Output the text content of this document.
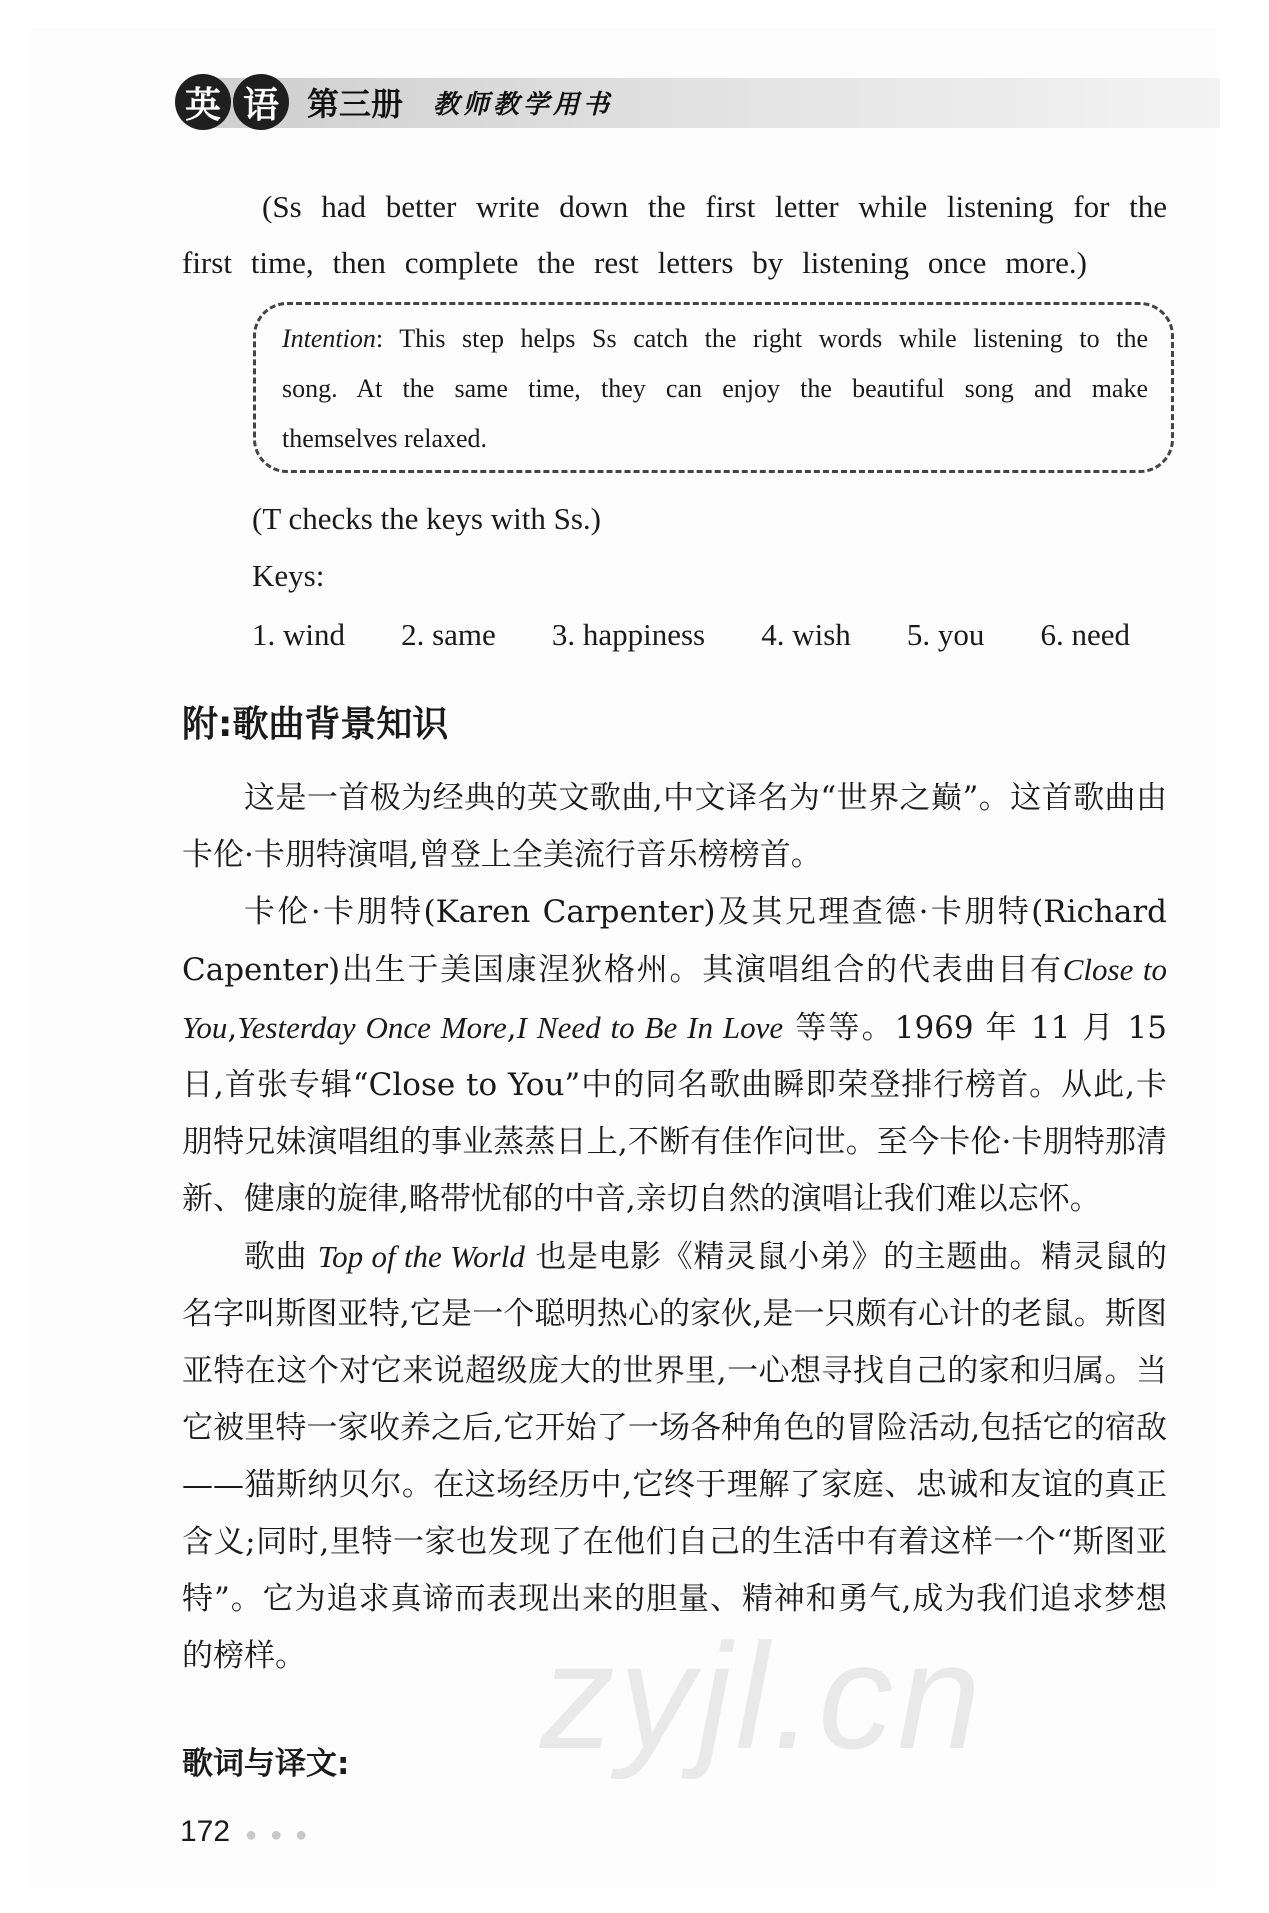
英 语 第三册 教师教学用书
(Ss had better write down the first letter while listening for the
first time, then complete the rest letters by listening once more.)
Intention: This step helps Ss catch the right words while listening to the
song. At the same time, they can enjoy the beautiful song and make
themselves relaxed.
(T checks the keys with Ss.)
Keys:
1. wind 2. same 3. happiness 4. wish 5. you 6. need
附:歌曲背景知识

这是一首极为经典的英文歌曲,中文译名为“世界之巅”。这首歌曲由卡伦·卡朋特演唱,曾登上全美流行音乐榜榜首。

卡伦·卡朋特(Karen Carpenter)及其兄理查德·卡朋特(Richard Capenter)出生于美国康涅狄格州。其演唱组合的代表曲目有Close to You,Yesterday Once More,I Need to Be In Love 等等。1969 年 11 月 15 日,首张专辑“Close to You”中的同名歌曲瞬即荣登排行榜首。从此,卡朋特兄妹演唱组的事业蒸蒸日上,不断有佳作问世。至今卡伦·卡朋特那清新、健康的旋律,略带忧郁的中音,亲切自然的演唱让我们难以忘怀。

歌曲 Top of the World 也是电影《精灵鼠小弟》的主题曲。精灵鼠的名字叫斯图亚特,它是一个聪明热心的家伙,是一只颇有心计的老鼠。斯图亚特在这个对它来说超级庞大的世界里,一心想寻找自己的家和归属。当它被里特一家收养之后,它开始了一场各种角色的冒险活动,包括它的宿敌——猫斯纳贝尔。在这场经历中,它终于理解了家庭、忠诚和友谊的真正含义;同时,里特一家也发现了在他们自己的生活中有着这样一个“斯图亚特”。它为追求真谛而表现出来的胆量、精神和勇气,成为我们追求梦想的榜样。

歌词与译文: zyjl.cn
172 ● ● ●
